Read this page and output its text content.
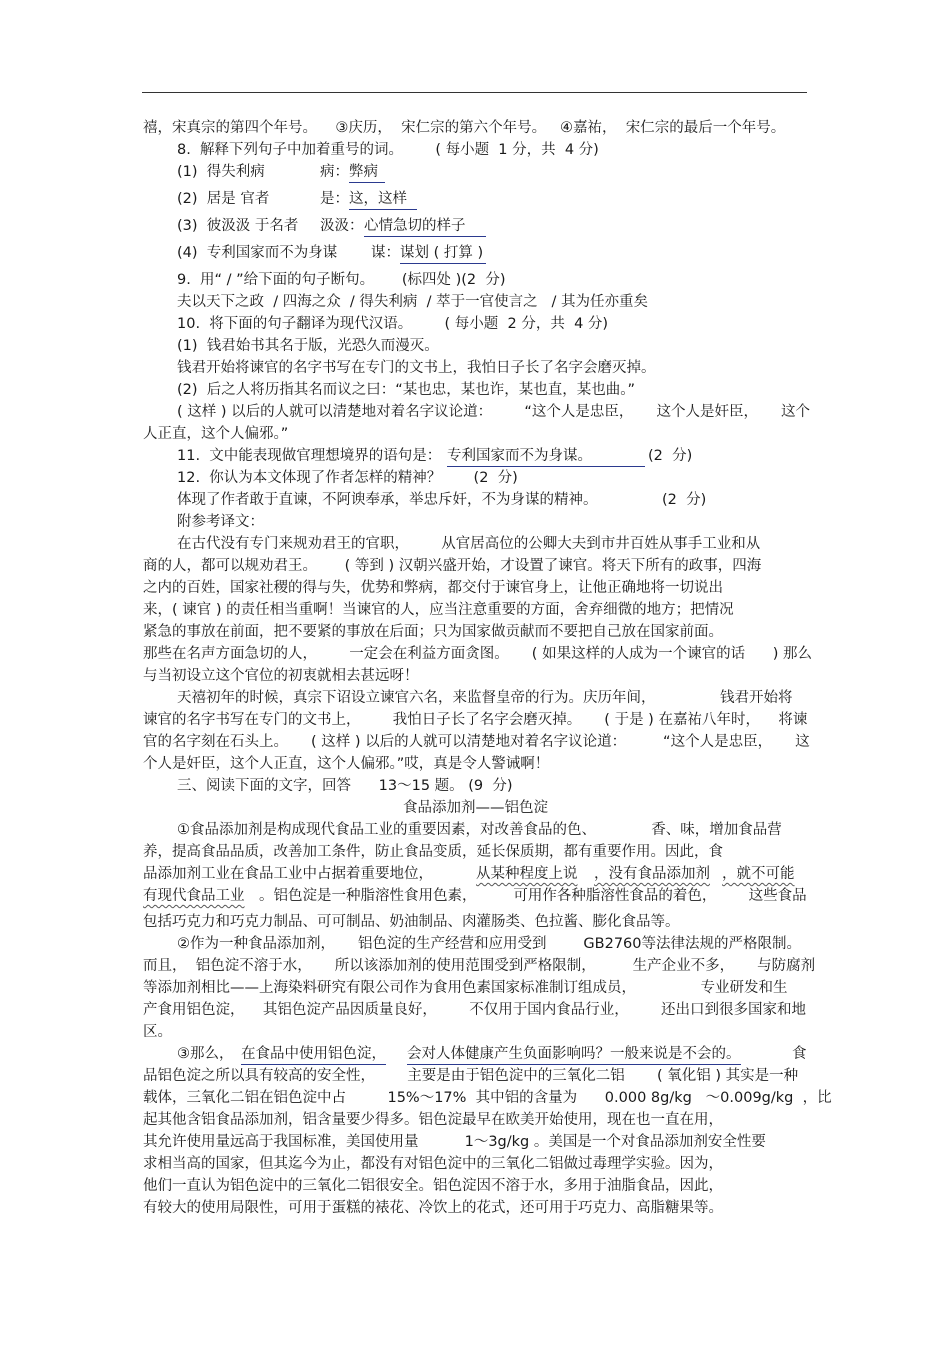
禧，宋真宗的第四个年号。    ③庆历，  宋仁宗的第六个年号。   ④嘉祐，  宋仁宗的最后一个年号。
8.  解释下列句子中加着重号的词。       ( 每小题  1 分，共  4 分)
(1)  得失利病	病： 弊病
(2)  居是 官者	是： 这，这样
(3)  彼汲汲 于名者 汲汲： 心情急切的样子
(4)  专利国家而不为身谋 谋： 谋划 ( 打算 )
9.  用“ / ”给下面的句子断句。      (标四处 )(2  分)
夫以天下之政  / 四海之众  / 得失利病  / 萃于一官使言之   / 其为任亦重矣
10.  将下面的句子翻译为现代汉语。       ( 每小题  2 分，共  4 分)
(1)  钱君始书其名于版，光恐久而漫灭。
钱君开始将谏官的名字书写在专门的文书上，我怕日子长了名字会磨灭掉。
(2)  后之人将历指其名而议之曰：“某也忠，某也诈，某也直，某也曲。”
( 这样 ) 以后的人就可以清楚地对着名字议论道：       “这个人是忠臣，     这个人是奸臣，     这个
人正直，这个人偏邪。”
11.  文中能表现做官理想境界的语句是： 专利国家而不为身谋。	(2  分)
12.  你认为本文体现了作者怎样的精神？       (2  分)
体现了作者敢于直谏，不阿谀奉承，举忠斥奸，不为身谋的精神。              (2  分)
附参考译文：
在古代没有专门来规劝君王的官职，       从官居高位的公卿大夫到市井百姓从事手工业和从
商的人，都可以规劝君王。      ( 等到 ) 汉朝兴盛开始，才设置了谏官。将天下所有的政事，四海
之内的百姓，国家社稷的得与失，优势和弊病，都交付于谏官身上，让他正确地将一切说出
来，( 谏官 ) 的责任相当重啊！当谏官的人，应当注意重要的方面，舍弃细微的地方；把情况
紧急的事放在前面，把不要紧的事放在后面；只为国家做贡献而不要把自己放在国家前面。
那些在名声方面急切的人，       一定会在利益方面贪图。     ( 如果这样的人成为一个谏官的话      ) 那么
与当初设立这个官位的初衷就相去甚远呀！
天禧初年的时候，真宗下诏设立谏官六名，来监督皇帝的行为。庆历年间，              钱君开始将
谏官的名字书写在专门的文书上，       我怕日子长了名字会磨灭掉。     ( 于是 ) 在嘉祐八年时，    将谏
官的名字刻在石头上。     ( 这样 ) 以后的人就可以清楚地对着名字议论道：        “这个人是忠臣，     这
个人是奸臣，这个人正直，这个人偏邪。”哎，真是令人警诫啊！
三、阅读下面的文字，回答      13～15 题。 (9  分)
食品添加剂——铝色淀
①食品添加剂是构成现代食品工业的重要因素，对改善食品的色、            香、味，增加食品营
养，提高食品品质，改善加工条件，防止食品变质，延长保质期，都有重要作用。因此，食
品添加剂工业在食品工业中占据着重要地位，	从某种程度上说 ，没有食品添加剂 ，就不可能
有现代食品工业 。铝色淀是一种脂溶性食用色素，        可用作各种脂溶性食品的着色，       这些食品
包括巧克力和巧克力制品、可可制品、奶油制品、肉灌肠类、色拉酱、膨化食品等。
②作为一种食品添加剂，     铝色淀的生产经营和应用受到        GB2760等法律法规的严格限制。
而且，  铝色淀不溶于水，     所以该添加剂的使用范围受到严格限制，        生产企业不多，     与防腐剂
等添加剂相比——上海染料研究有限公司作为食用色素国家标准制订组成员，              专业研发和生
产食用铝色淀，    其铝色淀产品因质量良好，       不仅用于国内食品行业，       还出口到很多国家和地
区。
③那么， 在食品中使用铝色淀， 会对人体健康产生负面影响吗？一般来说是不会的。	食
品铝色淀之所以具有较高的安全性，       主要是由于铝色淀中的三氧化二铝       ( 氧化铝 ) 其实是一种
载体，三氧化二铝在铝色淀中占         15%～17%  其中铝的含量为      0.000 8g/kg   ～0.009g/kg  ，比
起其他含铝食品添加剂，铝含量要少得多。铝色淀最早在欧美开始使用，现在也一直在用，
其允许使用量远高于我国标准，美国使用量          1～3g/kg 。美国是一个对食品添加剂安全性要
求相当高的国家，但其迄今为止，都没有对铝色淀中的三氧化二铝做过毒理学实验。因为，
他们一直认为铝色淀中的三氧化二铝很安全。铝色淀因不溶于水，多用于油脂食品，因此，
有较大的使用局限性，可用于蛋糕的裱花、冷饮上的花式，还可用于巧克力、高脂糖果等。
